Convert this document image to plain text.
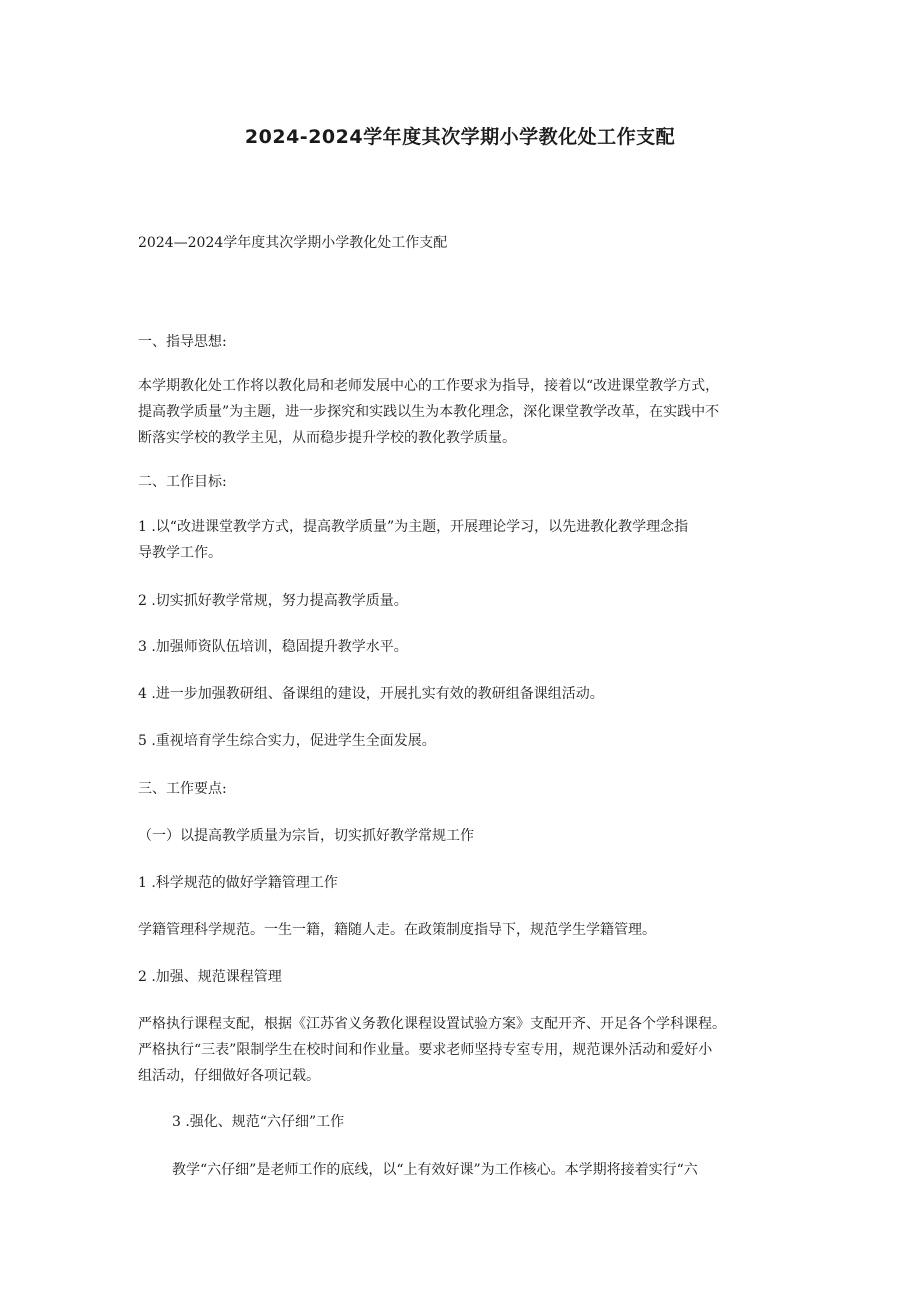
2024-2024学年度其次学期小学教化处工作支配
2024—2024学年度其次学期小学教化处工作支配
一、指导思想:
本学期教化处工作将以教化局和老师发展中心的工作要求为指导，接着以“改进课堂教学方式，
提高教学质量”为主题，进一步探究和实践以生为本教化理念，深化课堂教学改革，在实践中不
断落实学校的教学主见，从而稳步提升学校的教化教学质量。
二、工作目标:
1 .以“改进课堂教学方式，提高教学质量”为主题，开展理论学习，以先进教化教学理念指
导教学工作。
2 .切实抓好教学常规，努力提高教学质量。
3 .加强师资队伍培训，稳固提升教学水平。
4 .进一步加强教研组、备课组的建设，开展扎实有效的教研组备课组活动。
5 .重视培育学生综合实力，促进学生全面发展。
三、工作要点:
（一）以提高教学质量为宗旨，切实抓好教学常规工作
1 .科学规范的做好学籍管理工作
学籍管理科学规范。一生一籍，籍随人走。在政策制度指导下，规范学生学籍管理。
2 .加强、规范课程管理
严格执行课程支配，根据《江苏省义务教化课程设置试验方案》支配开齐、开足各个学科课程。
严格执行“三表”限制学生在校时间和作业量。要求老师坚持专室专用，规范课外活动和爱好小
组活动，仔细做好各项记载。
3 .强化、规范“六仔细”工作
教学“六仔细”是老师工作的底线，以“上有效好课”为工作核心。本学期将接着实行“六
